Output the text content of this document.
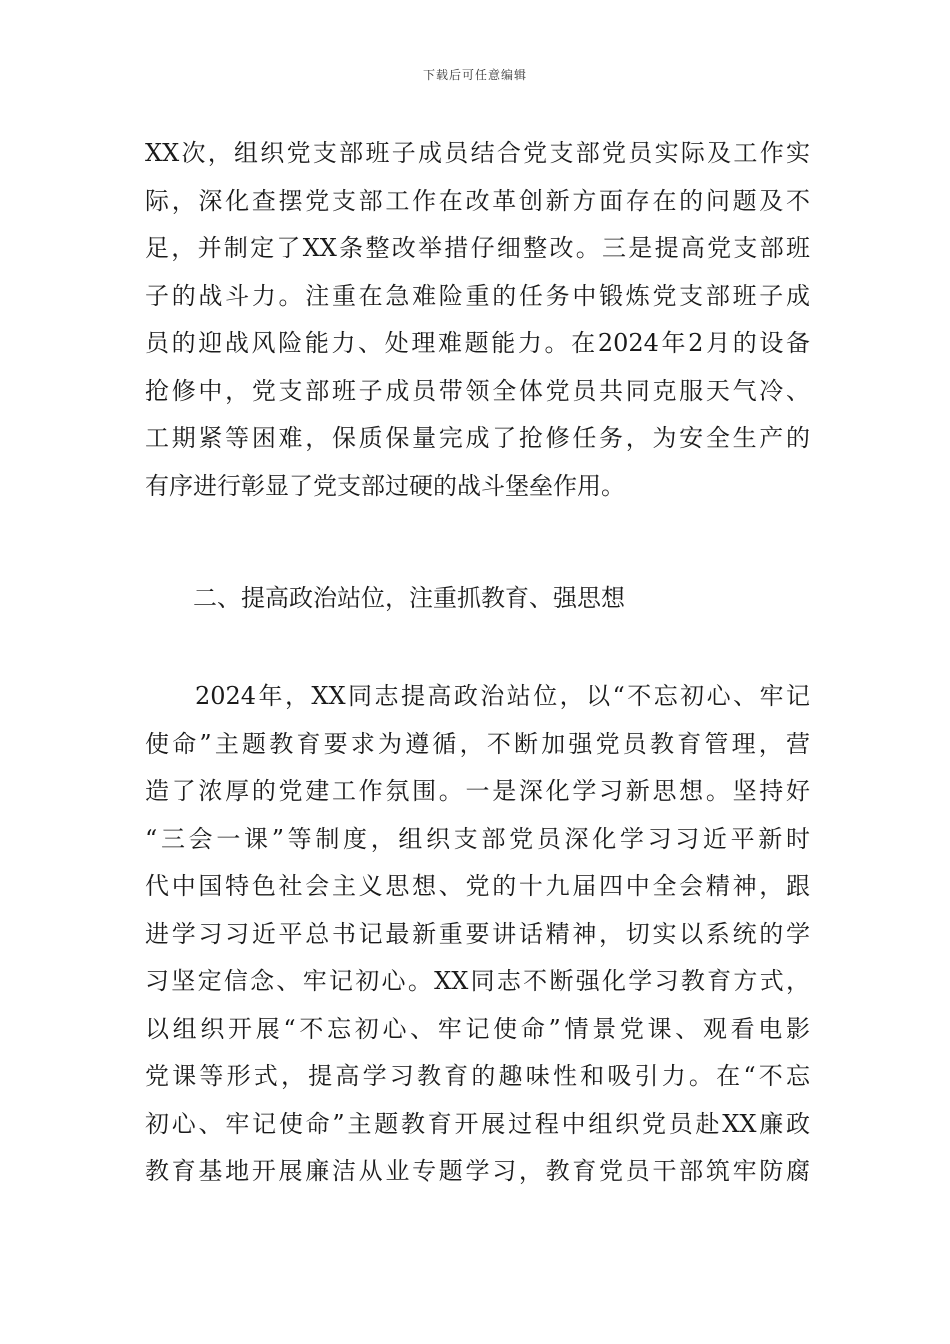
下载后可任意编辑
XX次，组织党支部班子成员结合党支部党员实际及工作实
际，深化查摆党支部工作在改革创新方面存在的问题及不
足，并制定了XX条整改举措仔细整改。三是提高党支部班
子的战斗力。注重在急难险重的任务中锻炼党支部班子成
员的迎战风险能力、处理难题能力。在2024年2月的设备
抢修中，党支部班子成员带领全体党员共同克服天气冷、
工期紧等困难，保质保量完成了抢修任务，为安全生产的
有序进行彰显了党支部过硬的战斗堡垒作用。
二、提高政治站位，注重抓教育、强思想
2024年，XX同志提高政治站位，以“不忘初心、牢记
使命”主题教育要求为遵循，不断加强党员教育管理，营
造了浓厚的党建工作氛围。一是深化学习新思想。坚持好
“三会一课”等制度，组织支部党员深化学习习近平新时
代中国特色社会主义思想、党的十九届四中全会精神，跟
进学习习近平总书记最新重要讲话精神，切实以系统的学
习坚定信念、牢记初心。XX同志不断强化学习教育方式，
以组织开展“不忘初心、牢记使命”情景党课、观看电影
党课等形式，提高学习教育的趣味性和吸引力。在“不忘
初心、牢记使命”主题教育开展过程中组织党员赴XX廉政
教育基地开展廉洁从业专题学习，教育党员干部筑牢防腐
